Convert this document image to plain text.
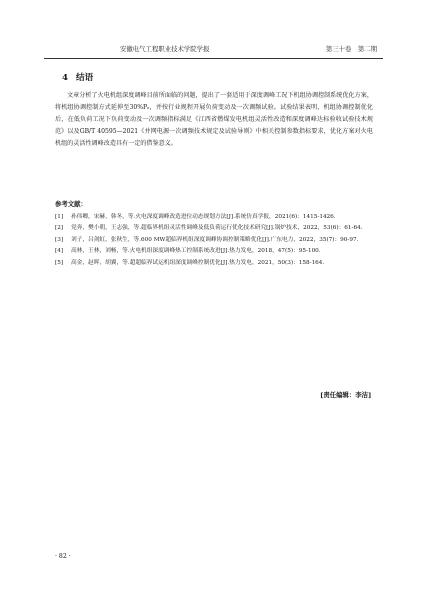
安徽电气工程职业技术学院学报	第三十卷　第二期
4 结语

文章分析了火电机组深度调峰目前所面临的问题，提出了一套适用于深度调峰工况下机组协调控制系统优化方案，将机组协调控制方式延伸至30%Pₑ，并按行业规程开展负荷变动及一次调频试验。试验结果表明，机组协调控制优化后，在低负荷工况下负荷变动及一次调频指标满足《江西省燃煤发电机组灵活性改造和深度调峰达标验收试验技术规范》以及GB/T 40595—2021《并网电源一次调频技术规定及试验导则》中相关控制参数指标要求，优化方案对火电机组的灵活性调峰改造具有一定的借鉴意义。

参考文献：
[1] 孙伟卿，宋赫，韩冬，等.火电深度调峰改造进位动态规划方法[J].系统仿真学报，2021(6)：1415-1426.
[2] 党奔，樊小朝，王志强，等.超临界机组灵活性调峰及低负荷运行优化技术研究[J].锅炉技术，2022，53(6)：61-64.
[3] 刘子，吕剑虹，张秋生，等.600 MW超临界机组深度调峰协调控制策略优化[J].广东电力，2022，35(7)：90-97.
[4] 高林，王林，刘畅，等.火电机组深度调峰热工控制系统改进[J].热力发电，2018，47(5)：95-100.
[5] 高金，赵晖，胡翼，等.超超临界试运机组深度调峰控制优化[J].热力发电，2021，50(3)：158-164.
[责任编辑：李洁]
· 82 ·
